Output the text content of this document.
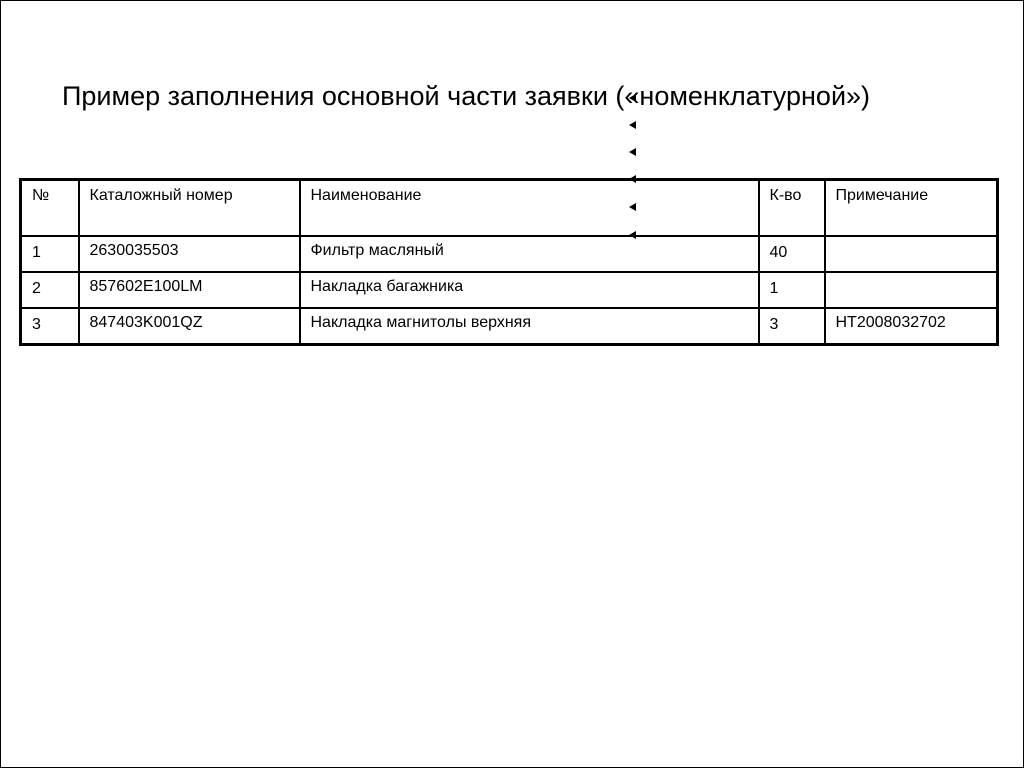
Пример заполнения основной части заявки («номенклатурной»)
№	Каталожный номер	Наименование	К-во	Примечание
1	2630035503	Фильтр масляный	40	
2	857602E100LM	Накладка багажника	1	
3	847403K001QZ	Накладка магнитолы верхняя	3	НТ2008032702
